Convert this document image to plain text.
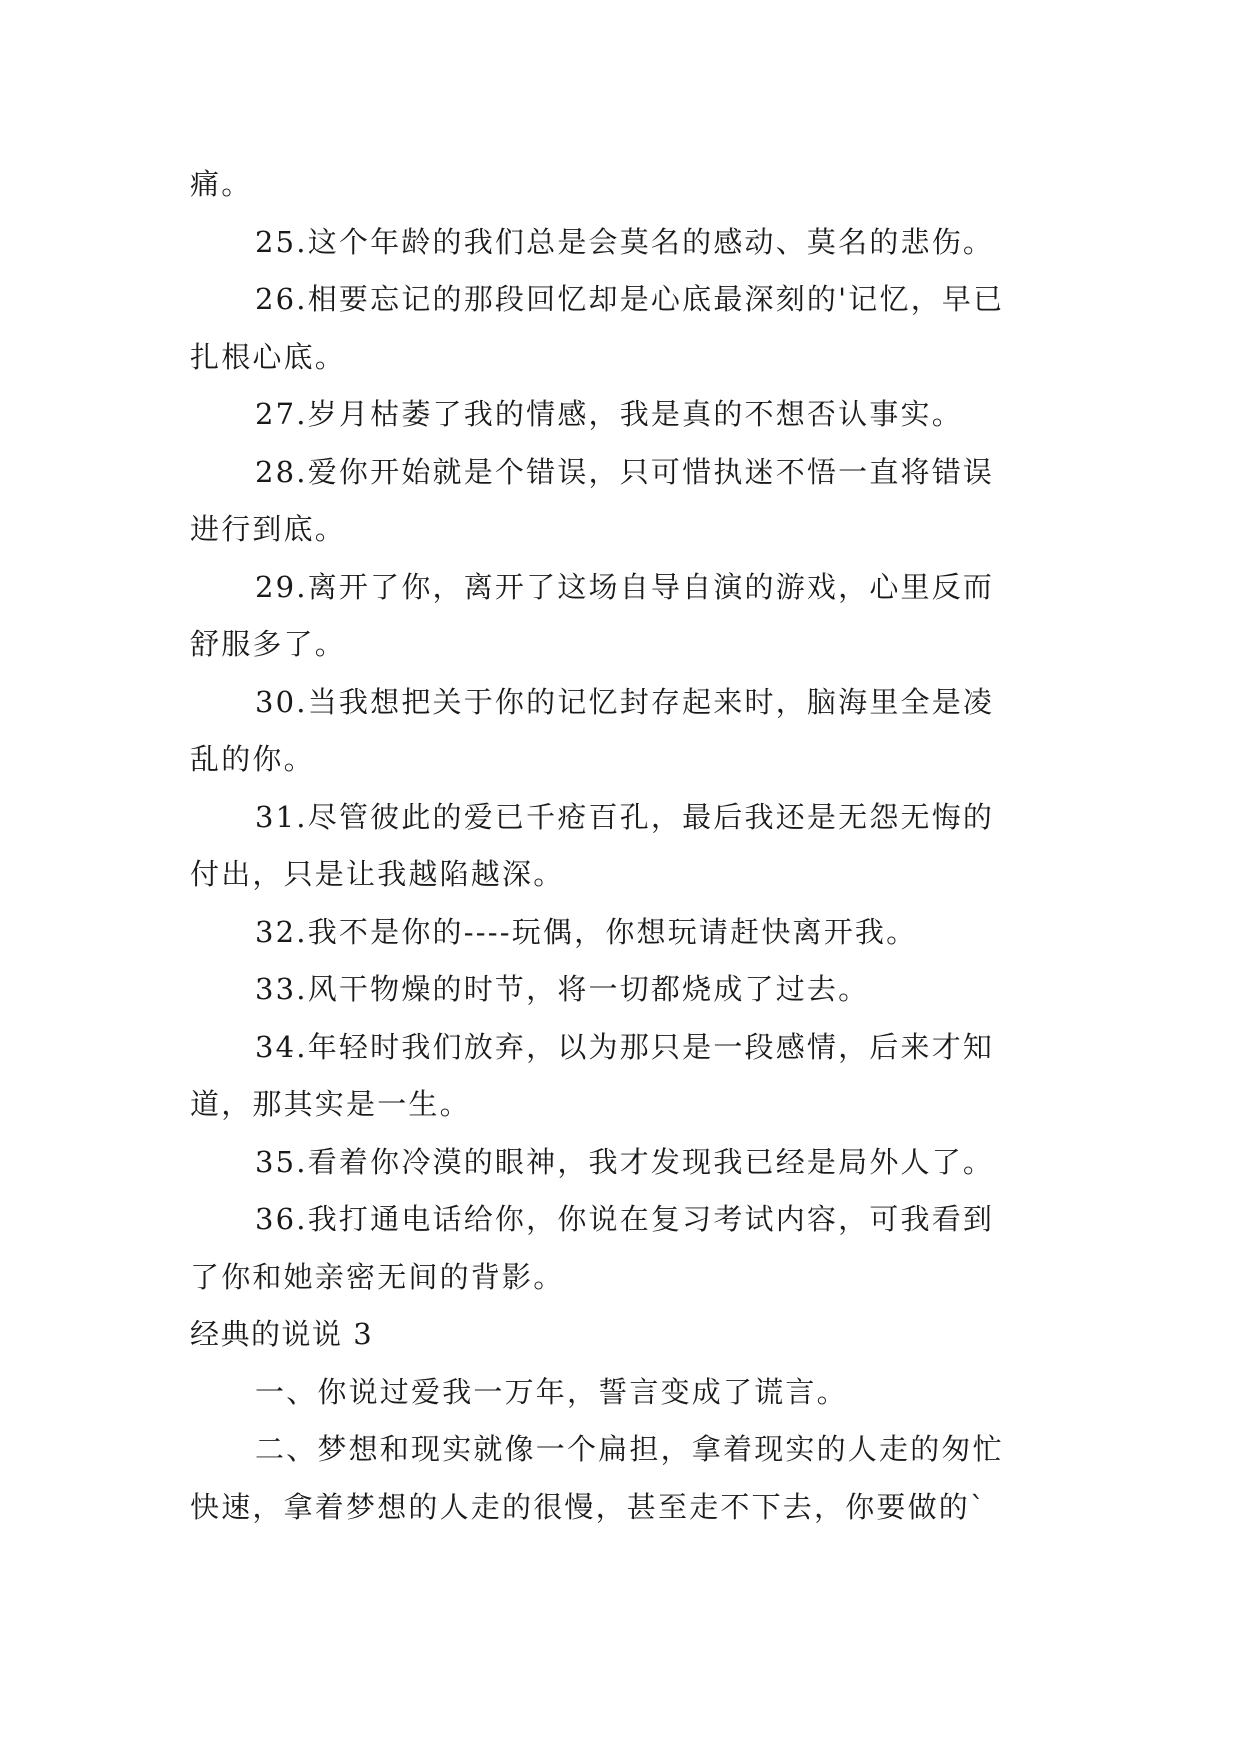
痛。
25.这个年龄的我们总是会莫名的感动、莫名的悲伤。
26.相要忘记的那段回忆却是心底最深刻的'记忆，早已
扎根心底。
27.岁月枯萎了我的情感，我是真的不想否认事实。
28.爱你开始就是个错误，只可惜执迷不悟一直将错误
进行到底。
29.离开了你，离开了这场自导自演的游戏，心里反而
舒服多了。
30.当我想把关于你的记忆封存起来时，脑海里全是凌
乱的你。
31.尽管彼此的爱已千疮百孔，最后我还是无怨无悔的
付出，只是让我越陷越深。
32.我不是你的----玩偶，你想玩请赶快离开我。
33.风干物燥的时节，将一切都烧成了过去。
34.年轻时我们放弃，以为那只是一段感情，后来才知
道，那其实是一生。
35.看着你冷漠的眼神，我才发现我已经是局外人了。
36.我打通电话给你，你说在复习考试内容，可我看到
了你和她亲密无间的背影。
经典的说说 3
一、你说过爱我一万年，誓言变成了谎言。
二、梦想和现实就像一个扁担，拿着现实的人走的匆忙
快速，拿着梦想的人走的很慢，甚至走不下去，你要做的`
